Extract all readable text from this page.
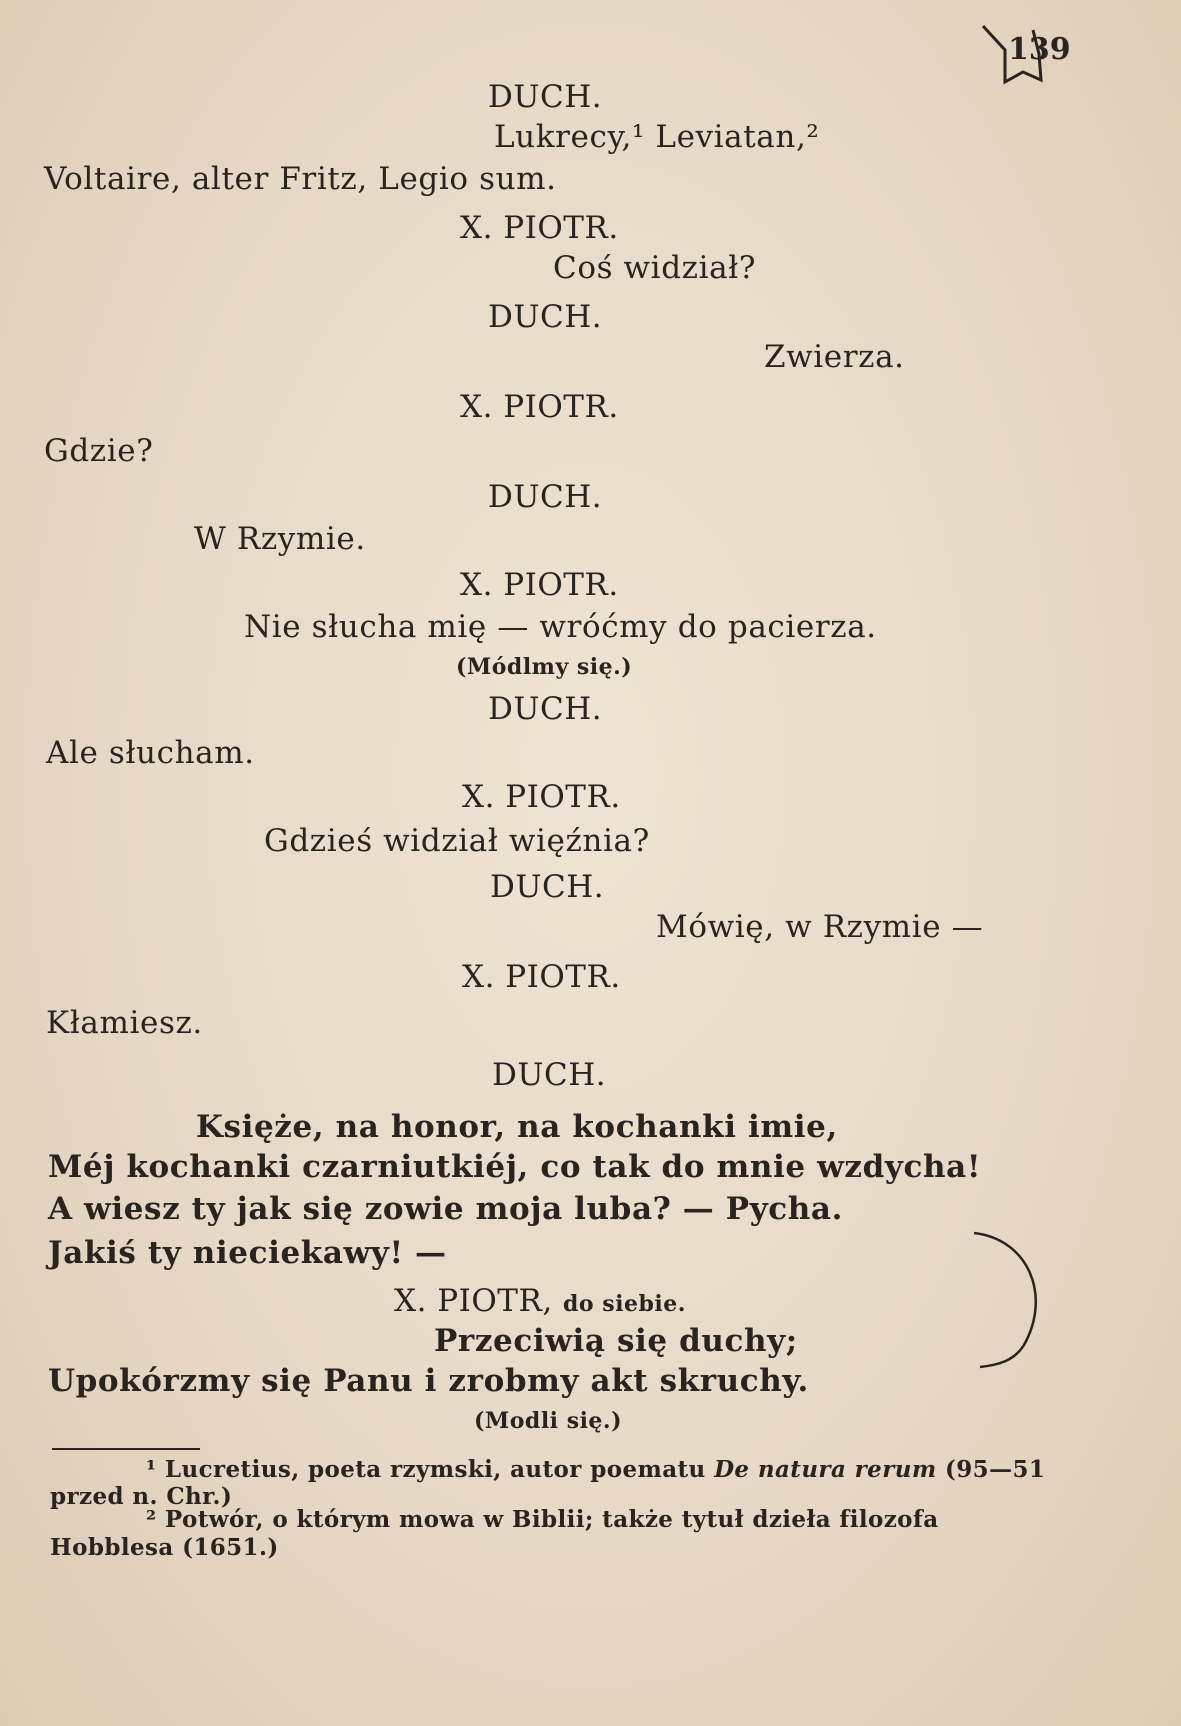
139
DUCH.
Lukrecy,¹ Leviatan,²
Voltaire, alter Fritz, Legio sum.
X. PIOTR.
Coś widział?
DUCH.
Zwierza.
X. PIOTR.
Gdzie?
DUCH.
W Rzymie.
X. PIOTR.
Nie słucha mię — wróćmy do pacierza.
(Módlmy się.)
DUCH.
Ale słucham.
X. PIOTR.
Gdzieś widział więźnia?
DUCH.
Mówię, w Rzymie —
X. PIOTR.
Kłamiesz.
DUCH.
Księże, na honor, na kochanki imie,
Méj kochanki czarniutkiéj, co tak do mnie wzdycha!
A wiesz ty jak się zowie moja luba? — Pycha.
Jakiś ty nieciekawy! —
X. PIOTR, do siebie.
Przeciwią się duchy;
Upokórzmy się Panu i zrobmy akt skruchy.
(Modli się.)
¹ Lucretius, poeta rzymski, autor poematu De natura rerum (95—51 przed n. Chr.)
² Potwór, o którym mowa w Biblii; także tytuł dzieła filozofa Hobblesa (1651.)
